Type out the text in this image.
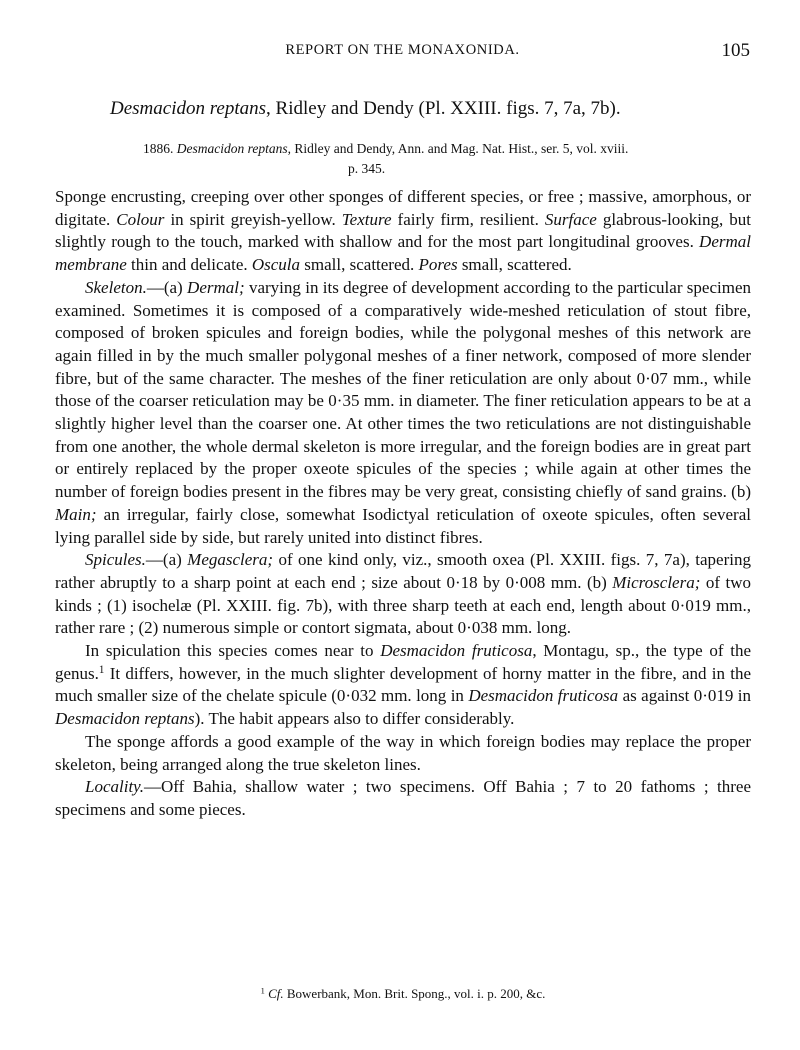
REPORT ON THE MONAXONIDA.	105
Desmacidon reptans, Ridley and Dendy (Pl. XXIII. figs. 7, 7a, 7b).
1886. Desmacidon reptans, Ridley and Dendy, Ann. and Mag. Nat. Hist., ser. 5, vol. xviii.
p. 345.

Sponge encrusting, creeping over other sponges of different species, or free ; massive, amorphous, or digitate. Colour in spirit greyish-yellow. Texture fairly firm, resilient. Surface glabrous-looking, but slightly rough to the touch, marked with shallow and for the most part longitudinal grooves. Dermal membrane thin and delicate. Oscula small, scattered. Pores small, scattered.

Skeleton.—(a) Dermal; varying in its degree of development according to the particular specimen examined. Sometimes it is composed of a comparatively wide-meshed reticulation of stout fibre, composed of broken spicules and foreign bodies, while the polygonal meshes of this network are again filled in by the much smaller polygonal meshes of a finer network, composed of more slender fibre, but of the same character. The meshes of the finer reticulation are only about 0·07 mm., while those of the coarser reticulation may be 0·35 mm. in diameter. The finer reticulation appears to be at a slightly higher level than the coarser one. At other times the two reticulations are not distinguishable from one another, the whole dermal skeleton is more irregular, and the foreign bodies are in great part or entirely replaced by the proper oxeote spicules of the species ; while again at other times the number of foreign bodies present in the fibres may be very great, consisting chiefly of sand grains. (b) Main; an irregular, fairly close, somewhat Isodictyal reticulation of oxeote spicules, often several lying parallel side by side, but rarely united into distinct fibres.

Spicules.—(a) Megasclera; of one kind only, viz., smooth oxea (Pl. XXIII. figs. 7, 7a), tapering rather abruptly to a sharp point at each end ; size about 0·18 by 0·008 mm. (b) Microsclera; of two kinds ; (1) isochelæ (Pl. XXIII. fig. 7b), with three sharp teeth at each end, length about 0·019 mm., rather rare ; (2) numerous simple or contort sigmata, about 0·038 mm. long.

In spiculation this species comes near to Desmacidon fruticosa, Montagu, sp., the type of the genus.$^1$ It differs, however, in the much slighter development of horny matter in the fibre, and in the much smaller size of the chelate spicule (0·032 mm. long in Desmacidon fruticosa as against 0·019 in Desmacidon reptans). The habit appears also to differ considerably.

The sponge affords a good example of the way in which foreign bodies may replace the proper skeleton, being arranged along the true skeleton lines.

Locality.—Off Bahia, shallow water ; two specimens. Off Bahia ; 7 to 20 fathoms ; three specimens and some pieces.

$^1$ Cf. Bowerbank, Mon. Brit. Spong., vol. i. p. 200, &c.
